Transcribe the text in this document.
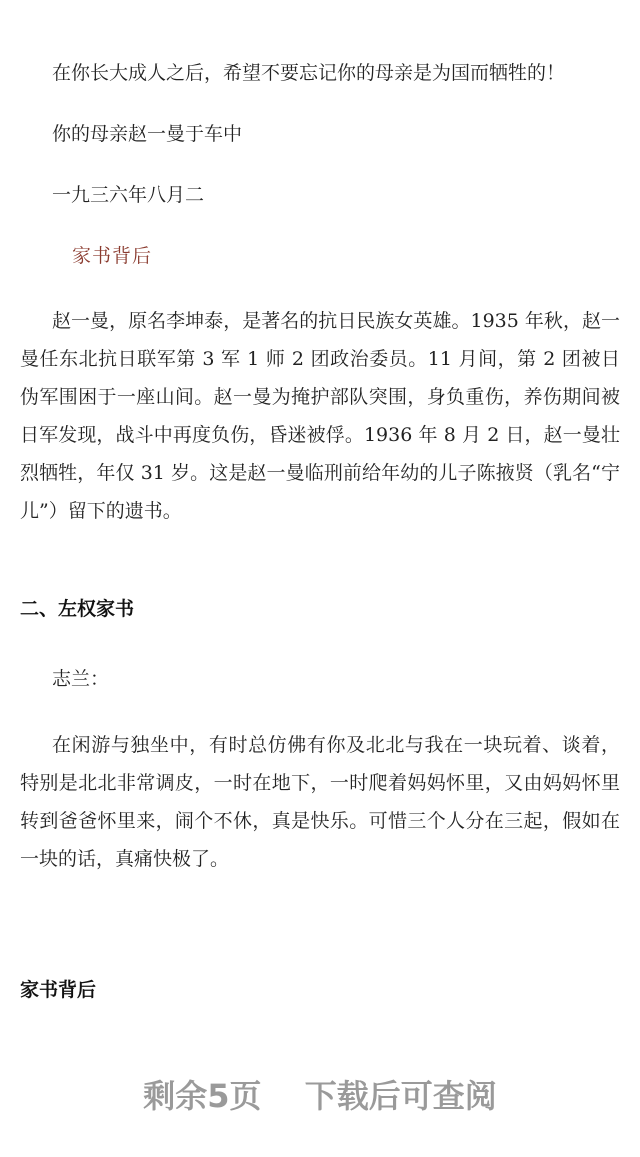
在你长大成人之后，希望不要忘记你的母亲是为国而牺牲的！
你的母亲赵一曼于车中
一九三六年八月二
家书背后
赵一曼，原名李坤泰，是著名的抗日民族女英雄。1935 年秋，赵一曼任东北抗日联军第 3 军 1 师 2 团政治委员。11 月间，第 2 团被日伪军围困于一座山间。赵一曼为掩护部队突围，身负重伤，养伤期间被日军发现，战斗中再度负伤，昏迷被俘。1936 年 8 月 2 日，赵一曼壮烈牺牲，年仅 31 岁。这是赵一曼临刑前给年幼的儿子陈掖贤（乳名“宁儿”）留下的遗书。
二、左权家书
志兰：
在闲游与独坐中，有时总仿佛有你及北北与我在一块玩着、谈着，特别是北北非常调皮，一时在地下，一时爬着妈妈怀里，又由妈妈怀里转到爸爸怀里来，闹个不休，真是快乐。可惜三个人分在三起，假如在一块的话，真痛快极了。
家书背后
剩余5页 下载后可查阅
